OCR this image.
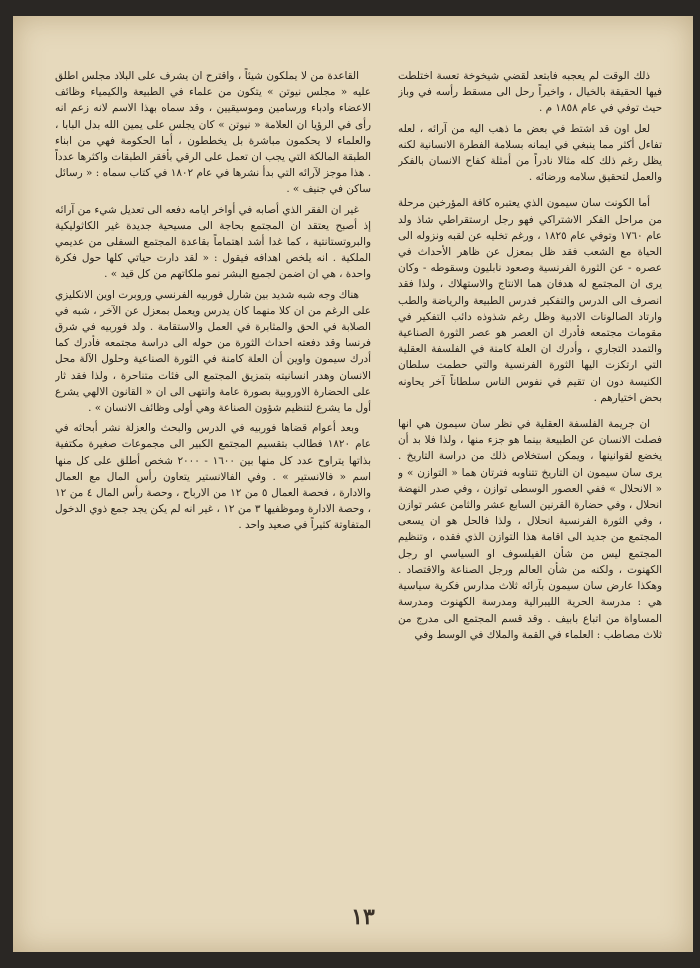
ذلك الوقت لم يعجبه فابتعد لقضي شيخوخة تعسة اختلطت فيها الحقيقة بالخيال ، واخيراً رحل الى مسقط رأسه في وباز حيث توفي في عام ١٨٥٨ م .

لعل اون قد اشتط في بعض ما ذهب اليه من آرائه ، لعله تفاءل أكثر مما ينبغي في ايمانه بسلامة الفطرة الانسانية لكنه يظل رغم ذلك كله مثالا نادراً من أمثلة كفاح الانسان بالفكر والعمل لتحقيق سلامه ورضائه .

أما الكونت سان سيمون الذي يعتبره كافة المؤرخين مرحلة من مراحل الفكر الاشتراكي فهو رجل ارستقراطي شاذ ولد عام ١٧٦٠ وتوفي عام ١٨٢٥ ، ورغم تخليه عن لقبه ونزوله الى الحياة مع الشعب فقد ظل بمعزل عن ظاهر الأحداث في عصره - عن الثورة الفرنسية وصعود نابليون وسقوطه - وكان يرى ان المجتمع له هدفان هما الانتاج والاستهلاك ، ولذا فقد انصرف الى الدرس والتفكير فدرس الطبيعة والرياضة والطب وارتاد الصالونات الادبية وظل رغم شذوذه دائب التفكير في مقومات مجتمعه فأدرك ان العصر هو عصر الثورة الصناعية والتمدد التجاري ، وأدرك ان العلة كامنة في الفلسفة العقلية التي ارتكزت اليها الثورة الفرنسية والتي حطمت سلطان الكنيسة دون ان تقيم في نفوس الناس سلطاناً آخر يحاونه بحض اختيارهم .

ان جريمة الفلسفة العقلية في نظر سان سيمون هي انها فصلت الانسان عن الطبيعة بينما هو جزء منها ، ولذا فلا بد أن يخضع لقوانينها ، ويمكن استخلاص ذلك من دراسة التاريخ . يرى سان سيمون ان التاريخ تتناوبه فترتان هما « التوازن » و « الانحلال » ففي العصور الوسطى توازن ، وفي صدر النهضة انحلال ، وفي حضارة القرنين السابع عشر والثامن عشر توازن ، وفي الثورة الفرنسية انحلال ، ولذا فالحل هو ان يسعى المجتمع من جديد الى اقامة هذا التوازن الذي فقده ، وتنظيم المجتمع ليس من شأن الفيلسوف او السياسي او رجل الكهنوت ، ولكنه من شأن العالم ورجل الصناعة والاقتصاد . وهكذا عارض سان سيمون بآرائه ثلاث مدارس فكرية سياسية هي : مدرسة الحرية الليبرالية ومدرسة الكهنوت ومدرسة المساواة من اتباع بابيف . وقد قسم المجتمع الى مدرج من ثلاث مصاطب : العلماء في القمة والملاك في الوسط وفي

القاعدة من لا يملكون شيئاً ، واقترح ان يشرف على البلاد مجلس اطلق عليه « مجلس نيوتن » يتكون من علماء في الطبيعة والكيمياء وظائف الاعضاء وادباء ورسامين وموسيقيين ، وقد سماه بهذا الاسم لانه زعم انه رأى في الرؤيا ان العلامة « نيوتن » كان يجلس على يمين الله بدل البابا ، والعلماء لا يحكمون مباشرة بل يخططون ، أما الحكومة فهي من ابناء الطبقة المالكة التي يجب ان تعمل على الرقي بأفقر الطبقات واكثرها عدداً . هذا موجز لآرائه التي بدأ نشرها في عام ١٨٠٢ في كتاب سماه : « رسائل ساكن في جنيف » .

غير ان الفقر الذي أصابه في أواخر ايامه دفعه الى تعديل شيء من آرائه إذ أصبح يعتقد ان المجتمع بحاجة الى مسيحية جديدة غير الكاثوليكية والبروتستانتية ، كما غدا أشد اهتماماً بقاعدة المجتمع السفلى من عديمي الملكية . انه يلخص اهدافه فيقول : « لقد دارت حياتي كلها حول فكرة واحدة ، هي ان اضمن لجميع البشر نمو ملكاتهم من كل قيد » .

هناك وجه شبه شديد بين شارل فوربيه الفرنسي وروبرت اوين الانكليزي على الرغم من ان كلا منهما كان يدرس ويعمل بمعزل عن الآخر ، شبه في الصلابة في الحق والمثابرة في العمل والاستقامة . ولد فوربيه في شرق فرنسا وقد دفعته احداث الثورة من حوله الى دراسة مجتمعه فأدرك كما أدرك سيمون واوين أن العلة كامنة في الثورة الصناعية وحلول الآلة محل الانسان وهدر انسانيته بتمزيق المجتمع الى فئات متناحرة ، ولذا فقد ثار على الحضارة الاوروبية بصورة عامة وانتهى الى ان « القانون الالهي يشرع أول ما يشرع لتنظيم شؤون الصناعة وهي أولى وظائف الانسان » .

وبعد أعوام قضاها فوربيه في الدرس والبحث والعزلة نشر أبحاثه في عام ١٨٢٠ فطالب بتقسيم المجتمع الكبير الى مجموعات صغيرة مكتفية بذاتها يتراوح عدد كل منها بين ١٦٠٠ - ٢٠٠٠ شخص أطلق على كل منها اسم « فالانستير » . وفي الفالانستير يتعاون رأس المال مع العمال والادارة ، فحصة العمال ٥ من ١٢ من الارباح ، وحصة رأس المال ٤ من ١٢ ، وحصة الادارة وموظفيها ٣ من ١٢ ، غير انه لم يكن يجد جمع ذوي الدخول المتفاوتة كثيراً في صعيد واحد .

١٣
